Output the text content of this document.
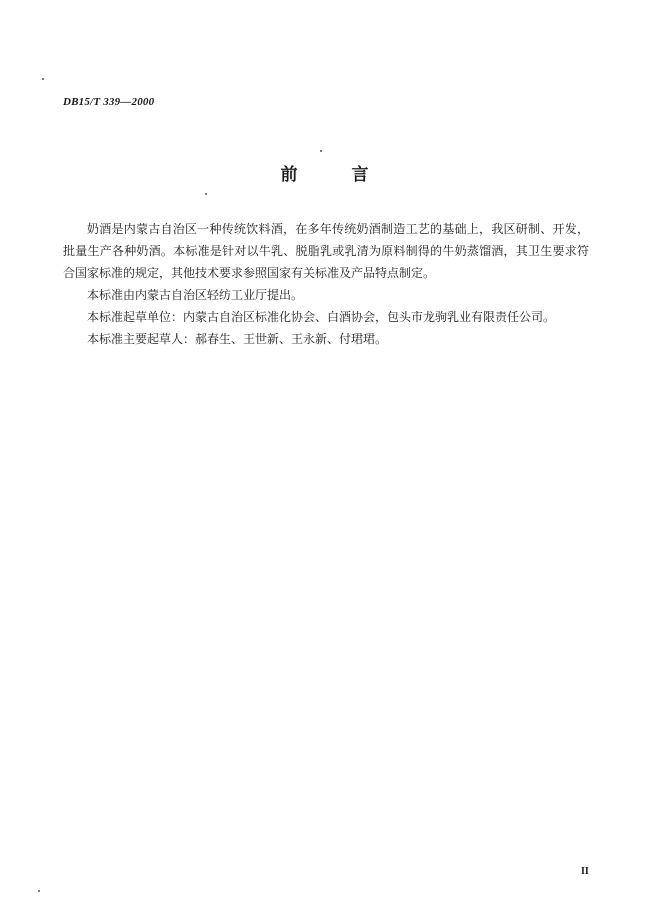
DB15/T 339—2000
前 言

奶酒是内蒙古自治区一种传统饮料酒，在多年传统奶酒制造工艺的基础上，我区研制、开发，批量生产各种奶酒。本标准是针对以牛乳、脱脂乳或乳清为原料制得的牛奶蒸馏酒，其卫生要求符合国家标准的规定，其他技术要求参照国家有关标准及产品特点制定。

本标准由内蒙古自治区轻纺工业厅提出。

本标准起草单位：内蒙古自治区标准化协会、白酒协会，包头市龙驹乳业有限责任公司。

本标准主要起草人：郝春生、王世新、王永新、付珺珺。

II
